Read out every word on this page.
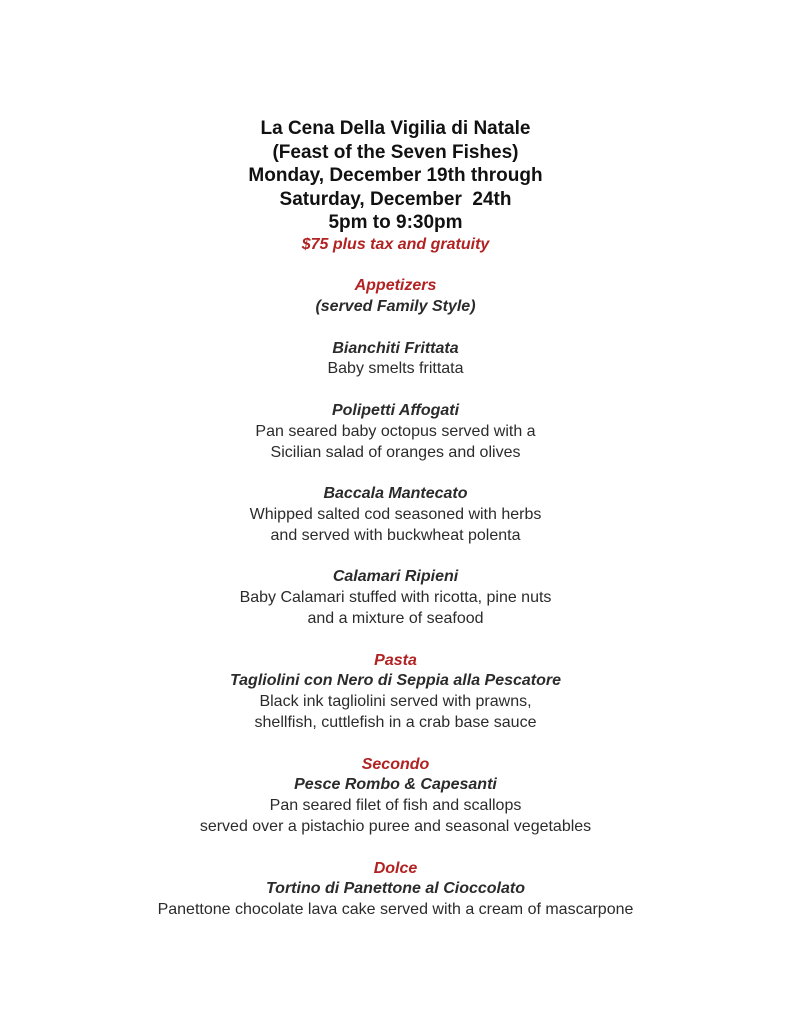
La Cena Della Vigilia di Natale
(Feast of the Seven Fishes)
Monday, December 19th through
Saturday, December  24th
5pm to 9:30pm
$75 plus tax and gratuity
Appetizers
(served Family Style)
Bianchiti Frittata
Baby smelts frittata
Polipetti Affogati
Pan seared baby octopus served with a
Sicilian salad of oranges and olives
Baccala Mantecato
Whipped salted cod seasoned with herbs
and served with buckwheat polenta
Calamari Ripieni
Baby Calamari stuffed with ricotta, pine nuts
and a mixture of seafood
Pasta
Tagliolini con Nero di Seppia alla Pescatore
Black ink tagliolini served with prawns,
shellfish, cuttlefish in a crab base sauce
Secondo
Pesce Rombo & Capesanti
Pan seared filet of fish and scallops
served over a pistachio puree and seasonal vegetables
Dolce
Tortino di Panettone al Cioccolato
Panettone chocolate lava cake served with a cream of mascarpone
